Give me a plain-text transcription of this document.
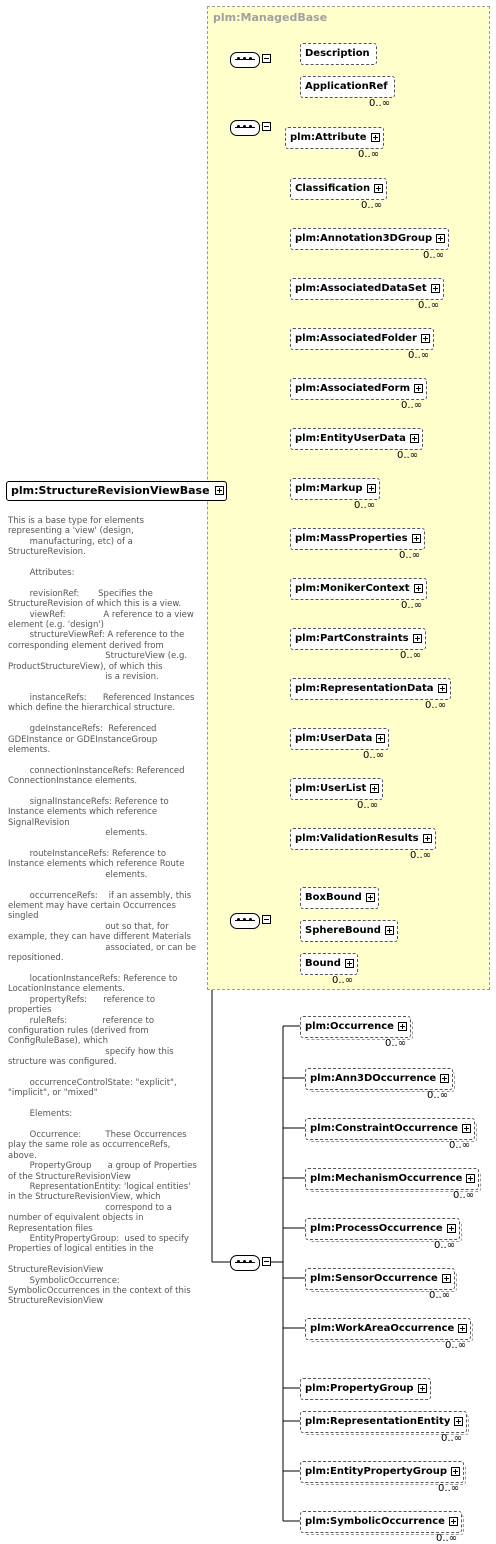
plm:ManagedBase
plm:StructureRevisionViewBase
This is a base type for elements representing a 'view' (design,
manufacturing, etc) of a StructureRevision.

Attributes:

revisionRef:       Specifies the StructureRevision of which this is a view.
viewRef:              A reference to a view element (e.g. 'design')
structureViewRef: A reference to the corresponding element derived from
StructureView (e.g. ProductStructureView), of which this
is a revision.

instanceRefs:      Referenced Instances which define the hierarchical structure.

gdeInstanceRefs:  Referenced GDEInstance or GDEInstanceGroup elements.

connectionInstanceRefs: Referenced ConnectionInstance elements.

signalInstanceRefs: Reference to Instance elements which reference SignalRevision
elements.

routeInstanceRefs: Reference to Instance elements which reference Route
elements.

occurrenceRefs:    if an assembly, this element may have certain Occurrences singled
out so that, for example, they can have different Materials
associated, or can be repositioned.

locationInstanceRefs: Reference to LocationInstance elements.
propertyRefs:      reference to properties
ruleRefs:             reference to configuration rules (derived from ConfigRuleBase), which
specify how this structure was configured.

occurrenceControlState: "explicit", "implicit", or "mixed"

Elements:

Occurrence:         These Occurrences play the same role as occurrenceRefs, above.
PropertyGroup      a group of Properties of the StructureRevisionView
RepresentationEntity: 'logical entities' in the StructureRevisionView, which
correspond to a number of equivalent objects in Representation files
EntityPropertyGroup:  used to specify Properties of logical entities in the
StructureRevisionView
SymbolicOccurrence: SymbolicOccurrences in the context of this StructureRevisionView
Description
ApplicationRef
0..∞
plm:Attribute
0..∞
Classification
0..∞
plm:Annotation3DGroup
0..∞
plm:AssociatedDataSet
0..∞
plm:AssociatedFolder
0..∞
plm:AssociatedForm
0..∞
plm:EntityUserData
0..∞
plm:Markup
0..∞
plm:MassProperties
0..∞
plm:MonikerContext
0..∞
plm:PartConstraints
0..∞
plm:RepresentationData
0..∞
plm:UserData
0..∞
plm:UserList
0..∞
plm:ValidationResults
0..∞
BoxBound
SphereBound
Bound
0..∞
plm:Occurrence
0..∞
plm:Ann3DOccurrence
0..∞
plm:ConstraintOccurrence
0..∞
plm:MechanismOccurrence
0..∞
plm:ProcessOccurrence
0..∞
plm:SensorOccurrence
0..∞
plm:WorkAreaOccurrence
0..∞
plm:PropertyGroup
plm:RepresentationEntity
0..∞
plm:EntityPropertyGroup
0..∞
plm:SymbolicOccurrence
0..∞
